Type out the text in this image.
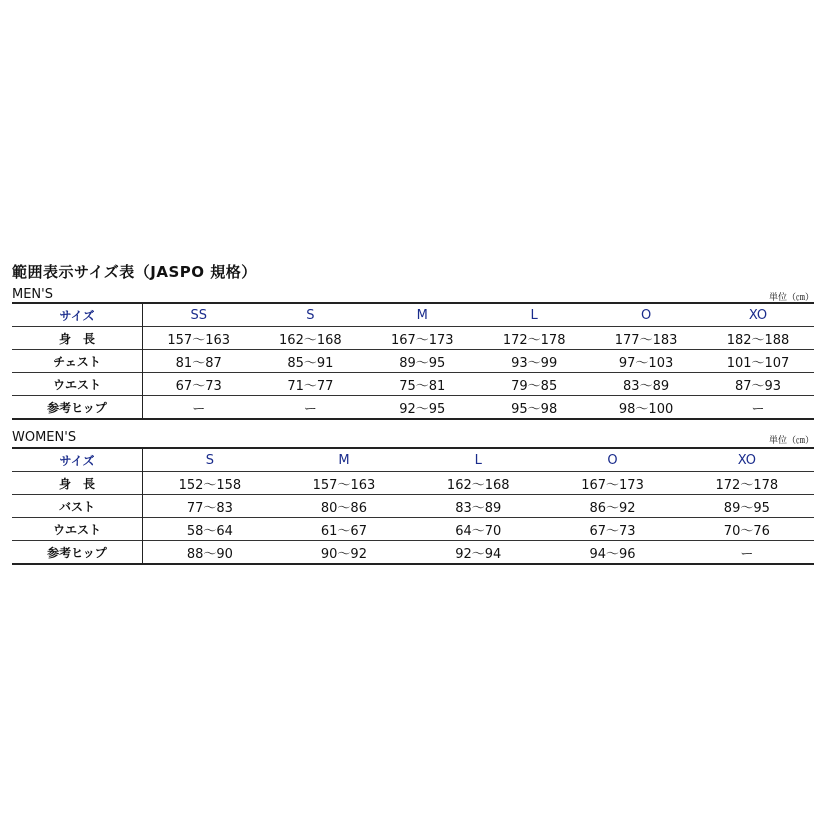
範囲表示サイズ表（JASPO 規格）
MEN'S	単位（㎝）
サイズ	SS	S	M	L	O	XO
身　長	157～163	162～168	167～173	172～178	177～183	182～188
チェスト	81～87	85～91	89～95	93～99	97～103	101～107
ウエスト	67～73	71～77	75～81	79～85	83～89	87～93
参考ヒップ	ー	ー	92～95	95～98	98～100	ー
WOMEN'S	単位（㎝）
サイズ	S	M	L	O	XO
身　長	152～158	157～163	162～168	167～173	172～178
バスト	77～83	80～86	83～89	86～92	89～95
ウエスト	58～64	61～67	64～70	67～73	70～76
参考ヒップ	88～90	90～92	92～94	94～96	ー
